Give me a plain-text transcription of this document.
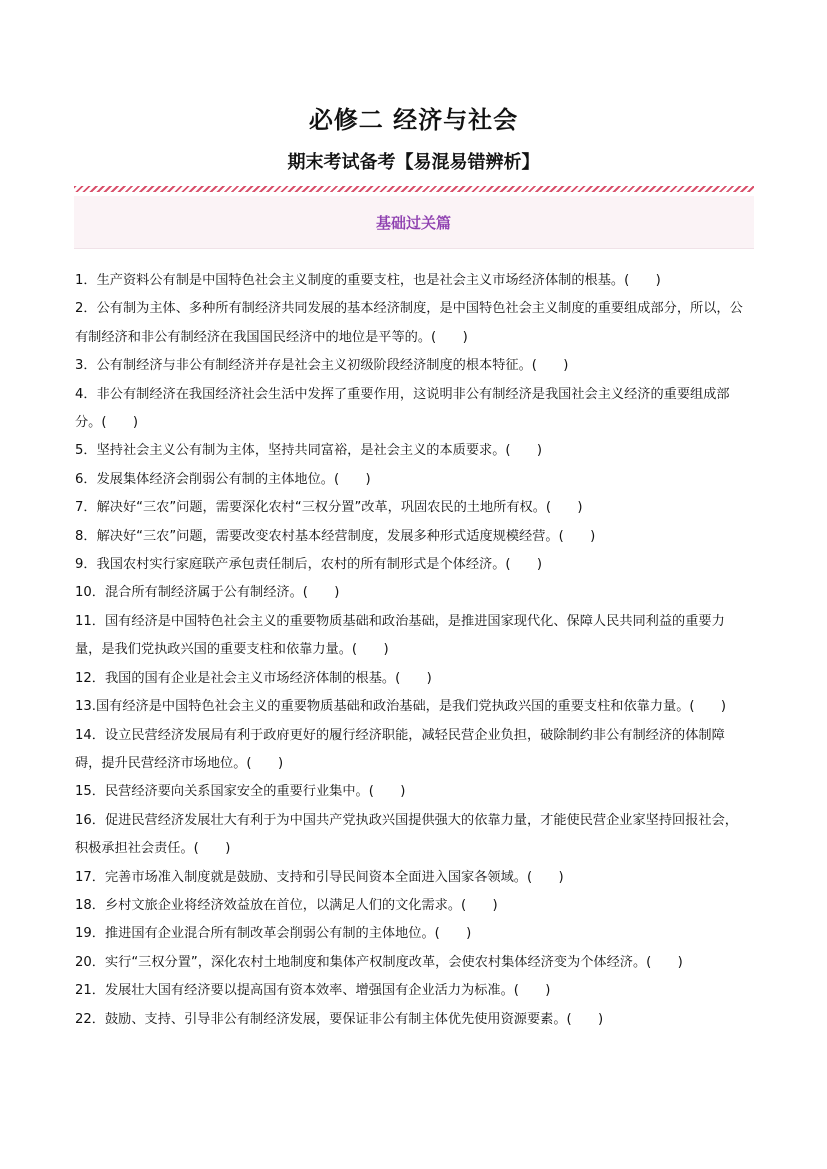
必修二 经济与社会
期末考试备考【易混易错辨析】
基础过关篇
1．生产资料公有制是中国特色社会主义制度的重要支柱，也是社会主义市场经济体制的根基。(　　)
2．公有制为主体、多种所有制经济共同发展的基本经济制度，是中国特色社会主义制度的重要组成部分，所以，公有制经济和非公有制经济在我国国民经济中的地位是平等的。(　　)
3．公有制经济与非公有制经济并存是社会主义初级阶段经济制度的根本特征。(　　)
4．非公有制经济在我国经济社会生活中发挥了重要作用，这说明非公有制经济是我国社会主义经济的重要组成部分。(　　)
5．坚持社会主义公有制为主体，坚持共同富裕，是社会主义的本质要求。(　　)
6．发展集体经济会削弱公有制的主体地位。(　　)
7．解决好“三农”问题，需要深化农村“三权分置”改革，巩固农民的土地所有权。(　　)
8．解决好“三农”问题，需要改变农村基本经营制度，发展多种形式适度规模经营。(　　)
9．我国农村实行家庭联产承包责任制后，农村的所有制形式是个体经济。(　　)
10．混合所有制经济属于公有制经济。(　　)
11．国有经济是中国特色社会主义的重要物质基础和政治基础，是推进国家现代化、保障人民共同利益的重要力量，是我们党执政兴国的重要支柱和依靠力量。(　　)
12．我国的国有企业是社会主义市场经济体制的根基。(　　)
13.国有经济是中国特色社会主义的重要物质基础和政治基础，是我们党执政兴国的重要支柱和依靠力量。(　　)
14．设立民营经济发展局有利于政府更好的履行经济职能，减轻民营企业负担，破除制约非公有制经济的体制障碍，提升民营经济市场地位。(　　)
15．民营经济要向关系国家安全的重要行业集中。(　　)
16．促进民营经济发展壮大有利于为中国共产党执政兴国提供强大的依靠力量，才能使民营企业家坚持回报社会，积极承担社会责任。(　　)
17．完善市场准入制度就是鼓励、支持和引导民间资本全面进入国家各领域。(　　)
18．乡村文旅企业将经济效益放在首位，以满足人们的文化需求。(　　)
19．推进国有企业混合所有制改革会削弱公有制的主体地位。(　　)
20．实行“三权分置”，深化农村土地制度和集体产权制度改革，会使农村集体经济变为个体经济。(　　)
21．发展壮大国有经济要以提高国有资本效率、增强国有企业活力为标准。(　　)
22．鼓励、支持、引导非公有制经济发展，要保证非公有制主体优先使用资源要素。(　　)
